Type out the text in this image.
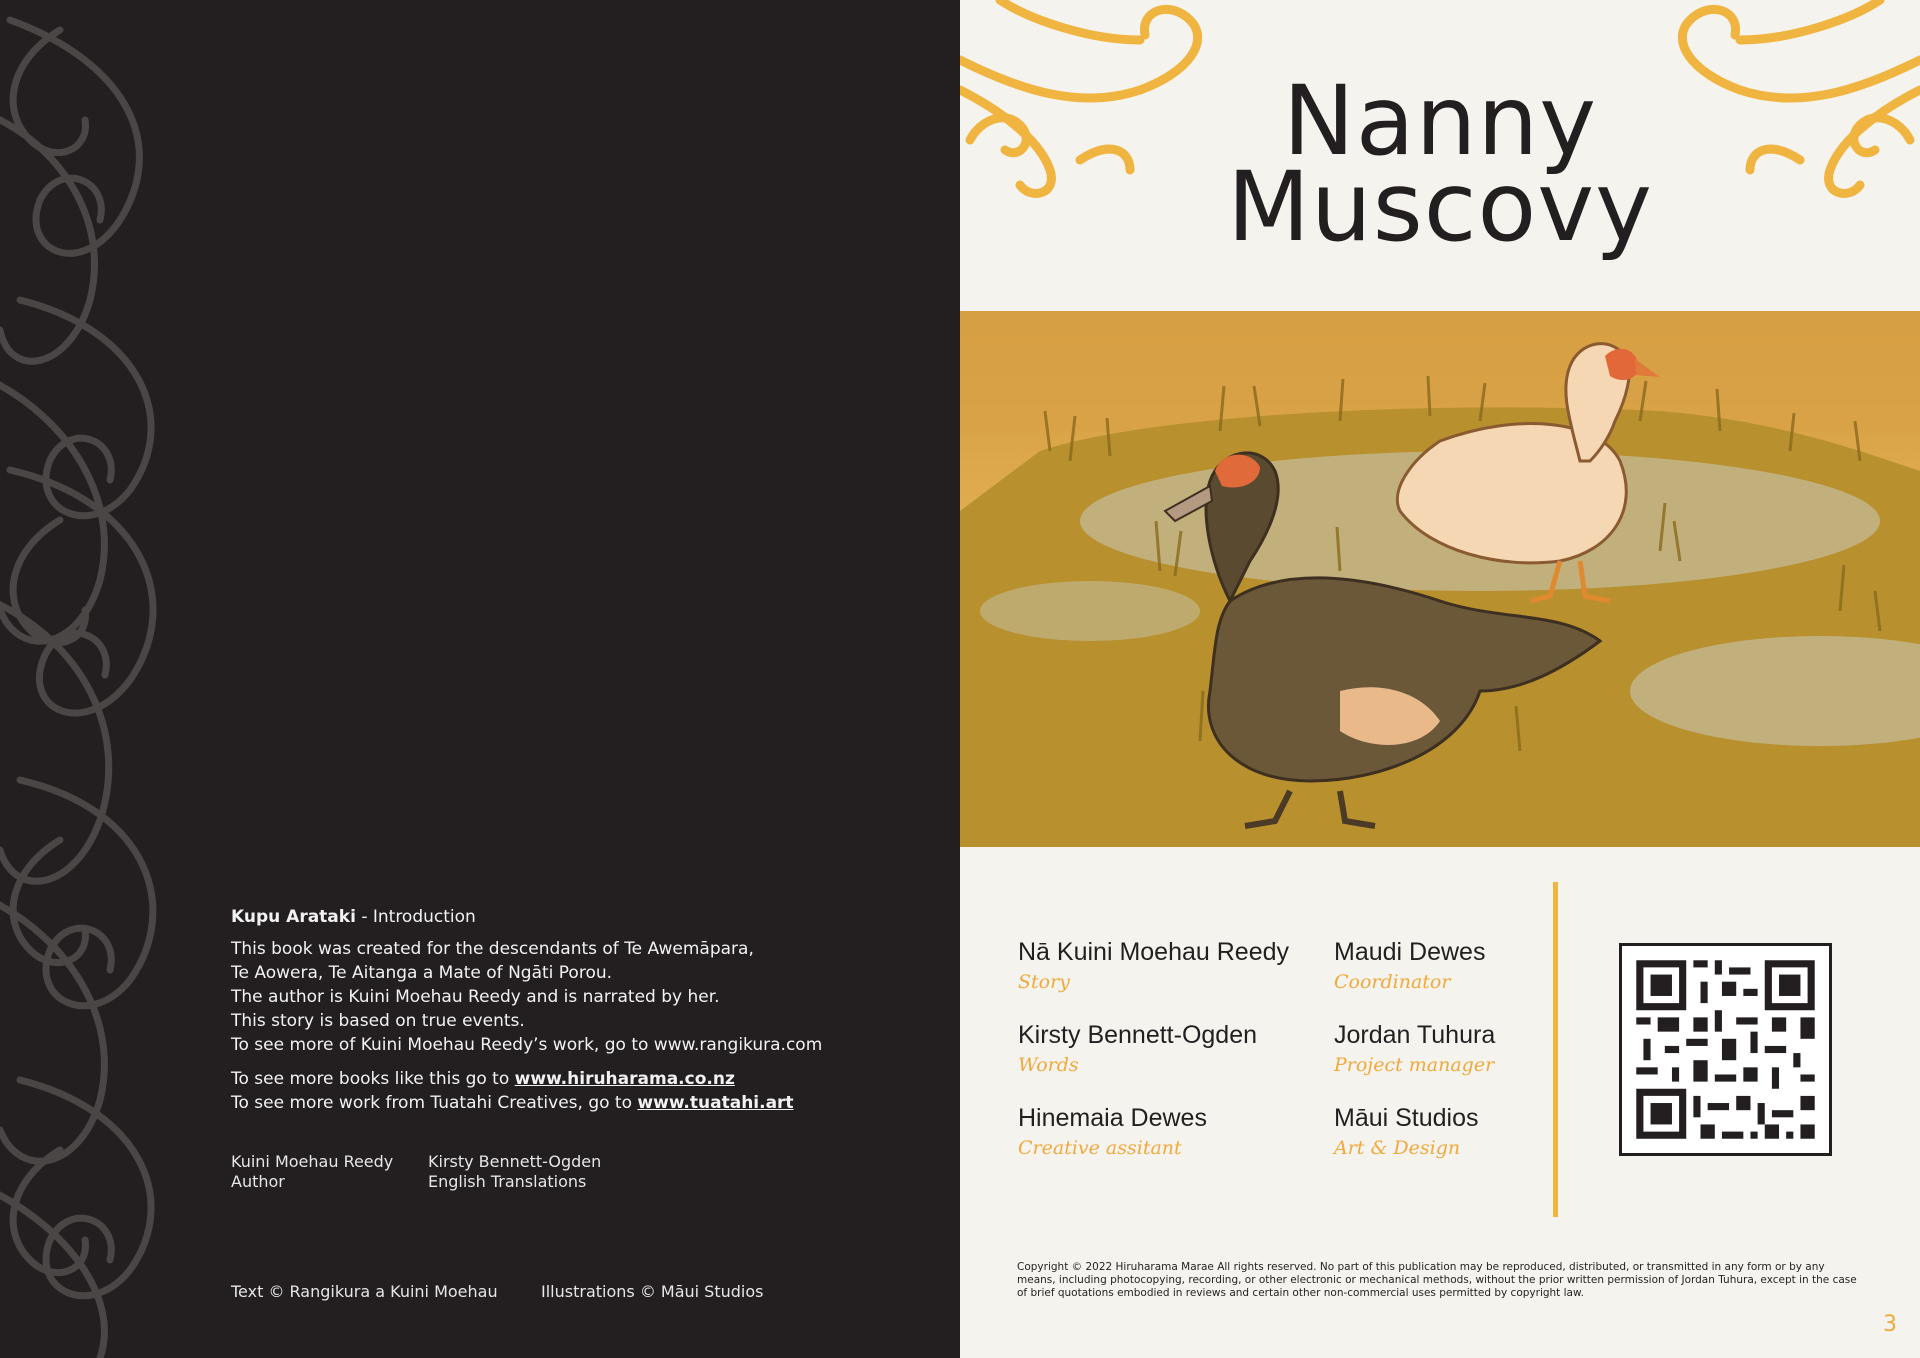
Kupu Arataki - Introduction
This book was created for the descendants of Te Awemāpara,
Te Aowera, Te Aitanga a Mate of Ngāti Porou.
The author is Kuini Moehau Reedy and is narrated by her.
This story is based on true events.
To see more of Kuini Moehau Reedy’s work, go to www.rangikura.com
To see more books like this go to www.hiruharama.co.nz
To see more work from Tuatahi Creatives, go to www.tuatahi.art
Kuini Moehau Reedy
Author
Kirsty Bennett-Ogden
English Translations
Text © Rangikura a Kuini Moehau	Illustrations © Māui Studios
Nanny
Muscovy
Nā Kuini Moehau Reedy
Story
Maudi Dewes
Coordinator
Kirsty Bennett-Ogden
Words
Jordan Tuhura
Project manager
Hinemaia Dewes
Creative assitant
Māui Studios
Art & Design
Copyright © 2022 Hiruharama Marae All rights reserved. No part of this publication may be reproduced, distributed, or transmitted in any form or by any means, including photocopying, recording, or other electronic or mechanical methods, without the prior written permission of Jordan Tuhura, except in the case of brief quotations embodied in reviews and certain other non-commercial uses permitted by copyright law.
3
